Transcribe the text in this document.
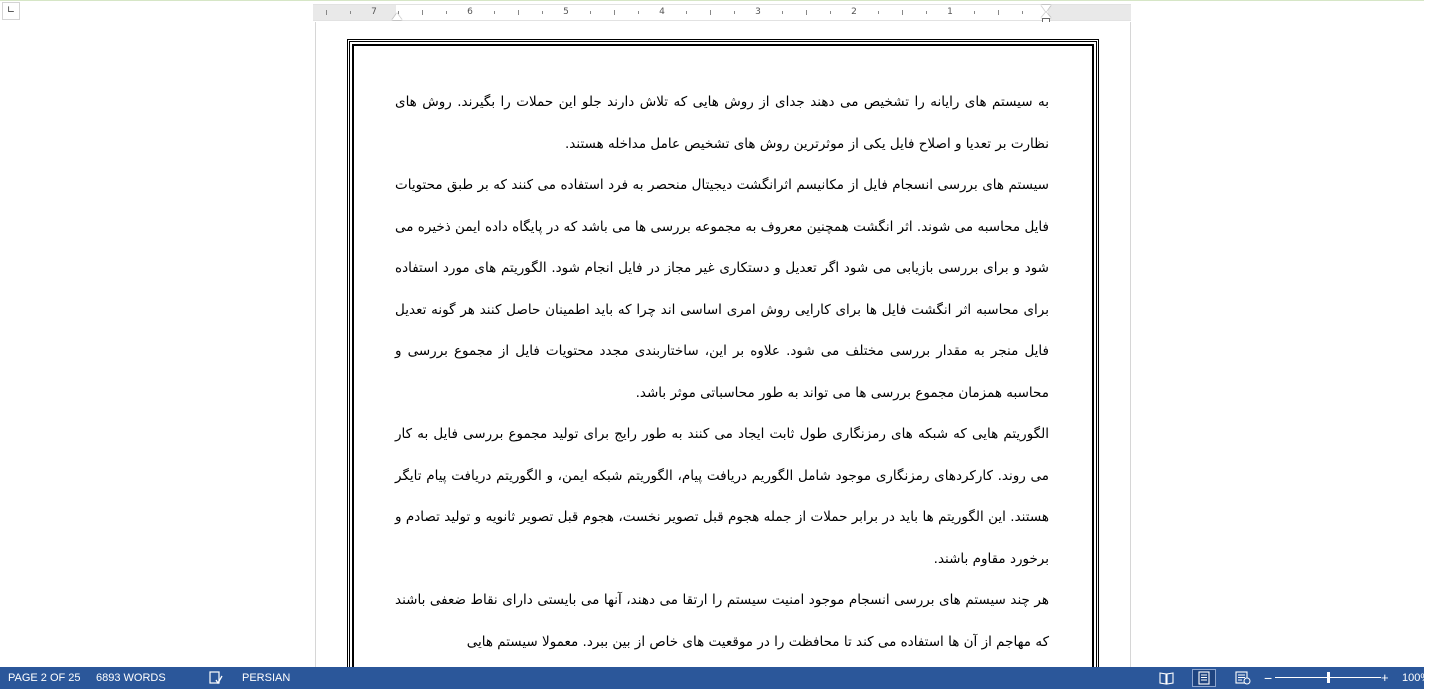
∟	7	6	5	4	3	2	1

به سیستم های رایانه را تشخیص می دهند جدای از روش هایی که تلاش دارند جلو این حملات را بگیرند. روش های نظارت بر تعدیا و اصلاح فایل یکی از موثرترین روش های تشخیص عامل مداخله هستند.

سیستم های بررسی انسجام فایل از مکانیسم اثرانگشت دیجیتال منحصر به فرد استفاده می کنند که بر طبق محتویات فایل محاسبه می شوند. اثر انگشت همچنین معروف به مجموعه بررسی ها می باشد که در پایگاه داده ایمن ذخیره می شود و برای بررسی بازیابی می شود اگر تعدیل و دستکاری غیر مجاز در فایل انجام شود. الگوریتم های مورد استفاده برای محاسبه اثر انگشت فایل ها برای کارایی روش امری اساسی اند چرا که باید اطمینان حاصل کنند هر گونه تعدیل فایل منجر به مقدار بررسی مختلف می شود. علاوه بر این، ساختاربندی مجدد محتویات فایل از مجموع بررسی و محاسبه همزمان مجموع بررسی ها می تواند به طور محاسباتی موثر باشد.

الگوریتم هایی که شبکه های رمزنگاری طول ثابت ایجاد می کنند به طور رایج برای تولید مجموع بررسی فایل به کار می روند. کارکردهای رمزنگاری موجود شامل الگوریم دریافت پیام، الگوریتم شبکه ایمن، و الگوریتم دریافت پیام تایگر هستند. این الگوریتم ها باید در برابر حملات از جمله هجوم قبل تصویر نخست، هجوم قبل تصویر ثانویه و تولید تصادم و برخورد مقاوم باشند.

هر چند سیستم های بررسی انسجام موجود امنیت سیستم را ارتقا می دهند، آنها می بایستی دارای نقاط ضعفی باشند که مهاجم از آن ها استفاده می کند تا محافظت را در موقعیت های خاص از بین ببرد. معمولا سیستم هایی

PAGE 2 OF 25 6893 WORDS	PERSIAN	−	+ 100%
